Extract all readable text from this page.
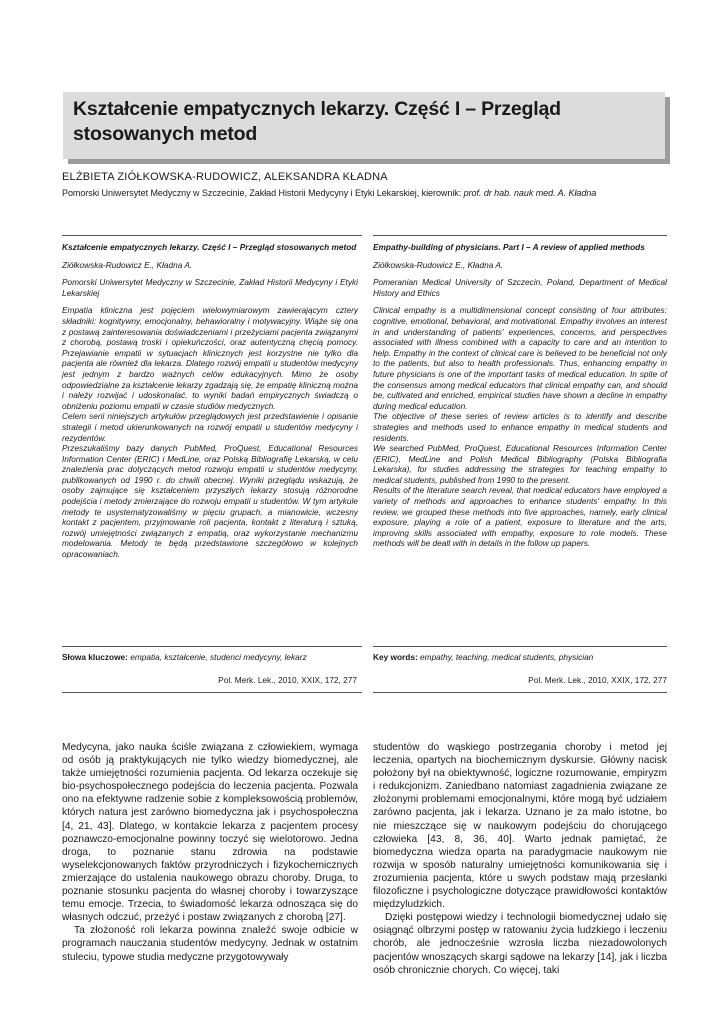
Kształcenie empatycznych lekarzy. Część I – Przegląd stosowanych metod
ELŻBIETA ZIÓŁKOWSKA-RUDOWICZ, ALEKSANDRA KŁADNA
Pomorski Uniwersytet Medyczny w Szczecinie, Zakład Historii Medycyny i Etyki Lekarskiej, kierownik: prof. dr hab. nauk med. A. Kładna

Kształcenie empatycznych lekarzy. Część I – Przegląd stosowanych metod

Ziółkowska-Rudowicz E., Kładna A.

Pomorski Uniwersytet Medyczny w Szczecinie, Zakład Historii Medycyny i Etyki Lekarskiej

Empatia kliniczna jest pojęciem wielowymiarowym zawierającym cztery składniki: kognitywny, emocjonalny, behawioralny i motywacyjny. Wiąże się ona z postawą zainteresowania doświadczeniami i przeżyciami pacjenta związanymi z chorobą, postawą troski i opiekuńczości, oraz autentyczną chęcią pomocy. Przejawianie empatii w sytuacjach klinicznych jest korzystne nie tylko dla pacjenta ale również dla lekarza. Dlatego rozwój empatii u studentów medycyny jest jednym z bardzo ważnych celów edukacyjnych. Mimo że osoby odpowiedzialne za kształcenie lekarzy zgadzają się, że empatię kliniczną można i należy rozwijać i udoskonalać, to wyniki badań empirycznych świadczą o obniżeniu poziomu empatii w czasie studiów medycznych.

Celem serii niniejszych artykułów przeglądowych jest przedstawienie i opisanie strategii i metod ukierunkowanych na rozwój empatii u studentów medycyny i rezydentów.

Przeszukaliśmy bazy danych PubMed, ProQuest, Educational Resources Information Center (ERIC) i MedLine, oraz Polską Bibliografię Lekarską, w celu znalezienia prac dotyczących metod rozwoju empatii u studentów medycyny, publikowanych od 1990 r. do chwili obecnej. Wyniki przeglądu wskazują, że osoby zajmujące się kształceniem przyszłych lekarzy stosują różnorodne podejścia i metody zmierzające do rozwoju empatii u studentów. W tym artykule metody te usystematyzowaliśmy w pięciu grupach, a mianowicie, wczesny kontakt z pacjentem, przyjmowanie roli pacjenta, kontakt z literaturą i sztuką, rozwój umiejętności związanych z empatią, oraz wykorzystanie mechanizmu modelowania. Metody te będą przedstawione szczegółowo w kolejnych opracowaniach.

Empathy-building of physicians. Part I – A review of applied methods

Ziółkowska-Rudowicz E., Kładna A.

Pomeranian Medical University of Szczecin, Poland, Department of Medical History and Ethics

Clinical empathy is a multidimensional concept consisting of four attributes: cognitive, emotional, behavioral, and motivational. Empathy involves an interest in and understanding of patients' experiences, concerns, and perspectives associated with illness combined with a capacity to care and an intention to help. Empathy in the context of clinical care is believed to be beneficial not only to the patients, but also to health professionals. Thus, enhancing empathy in future physicians is one of the important tasks of medical education. In spite of the consensus among medical educators that clinical empathy can, and should be, cultivated and enriched, empirical studies have shown a decline in empathy during medical education.

The objective of these series of review articles is to identify and describe strategies and methods used to enhance empathy in medical students and residents.

We searched PubMed, ProQuest, Educational Resources Information Center (ERIC), MedLine and Polish Medical Bibliography (Polska Bibliografia Lekarska), for studies addressing the strategies for teaching empathy to medical students, published from 1990 to the present.

Results of the literature search reveal, that medical educators have employed a variety of methods and approaches to enhance students' empathy. In this review, we grouped these methods into five approaches, namely, early clinical exposure, playing a role of a patient, exposure to literature and the arts, improving skills associated with empathy, exposure to role models. These methods will be dealt with in details in the follow up papers.

Słowa kluczowe: empatia, kształcenie, studenci medycyny, lekarz	Key words: empathy, teaching, medical students, physician
Pol. Merk. Lek., 2010, XXIX, 172, 277	Pol. Merk. Lek., 2010, XXIX, 172, 277

Medycyna, jako nauka ściśle związana z człowiekiem, wymaga od osób ją praktykujących nie tylko wiedzy biomedycznej, ale także umiejętności rozumienia pacjenta. Od lekarza oczekuje się bio-psychospołecznego podejścia do leczenia pacjenta. Pozwala ono na efektywne radzenie sobie z kompleksowością problemów, których natura jest zarówno biomedyczna jak i psychospołeczna [4, 21, 43]. Dlatego, w kontakcie lekarza z pacjentem procesy poznawczo-emocjonalne powinny toczyć się wielotorowo. Jedna droga, to poznanie stanu zdrowia na podstawie wyselekcjonowanych faktów przyrodniczych i fizykochemicznych zmierzające do ustalenia naukowego obrazu choroby. Druga, to poznanie stosunku pacjenta do własnej choroby i towarzyszące temu emocje. Trzecia, to świadomość lekarza odnosząca się do własnych odczuć, przeżyć i postaw związanych z chorobą [27].

Ta złożoność roli lekarza powinna znaleźć swoje odbicie w programach nauczania studentów medycyny. Jednak w ostatnim stuleciu, typowe studia medyczne przygotowywały

studentów do wąskiego postrzegania choroby i metod jej leczenia, opartych na biochemicznym dyskursie. Główny nacisk położony był na obiektywność, logiczne rozumowanie, empiryzm i redukcjonizm. Zaniedbano natomiast zagadnienia związane ze złożonymi problemami emocjonalnymi, które mogą być udziałem zarówno pacjenta, jak i lekarza. Uznano je za mało istotne, bo nie mieszczące się w naukowym podejściu do chorującego człowieka [43, 8, 36, 40]. Warto jednak pamiętać, że biomedyczna wiedza oparta na paradygmacie naukowym nie rozwija w sposób naturalny umiejętności komunikowania się i zrozumienia pacjenta, które u swych podstaw mają przesłanki filozoficzne i psychologiczne dotyczące prawidłowości kontaktów międzyludzkich.

Dzięki postępowi wiedzy i technologii biomedycznej udało się osiągnąć olbrzymi postęp w ratowaniu życia ludzkiego i leczeniu chorób, ale jednocześnie wzrosła liczba niezadowolonych pacjentów wnoszących skargi sądowe na lekarzy [14], jak i liczba osób chronicznie chorych. Co więcej, taki
